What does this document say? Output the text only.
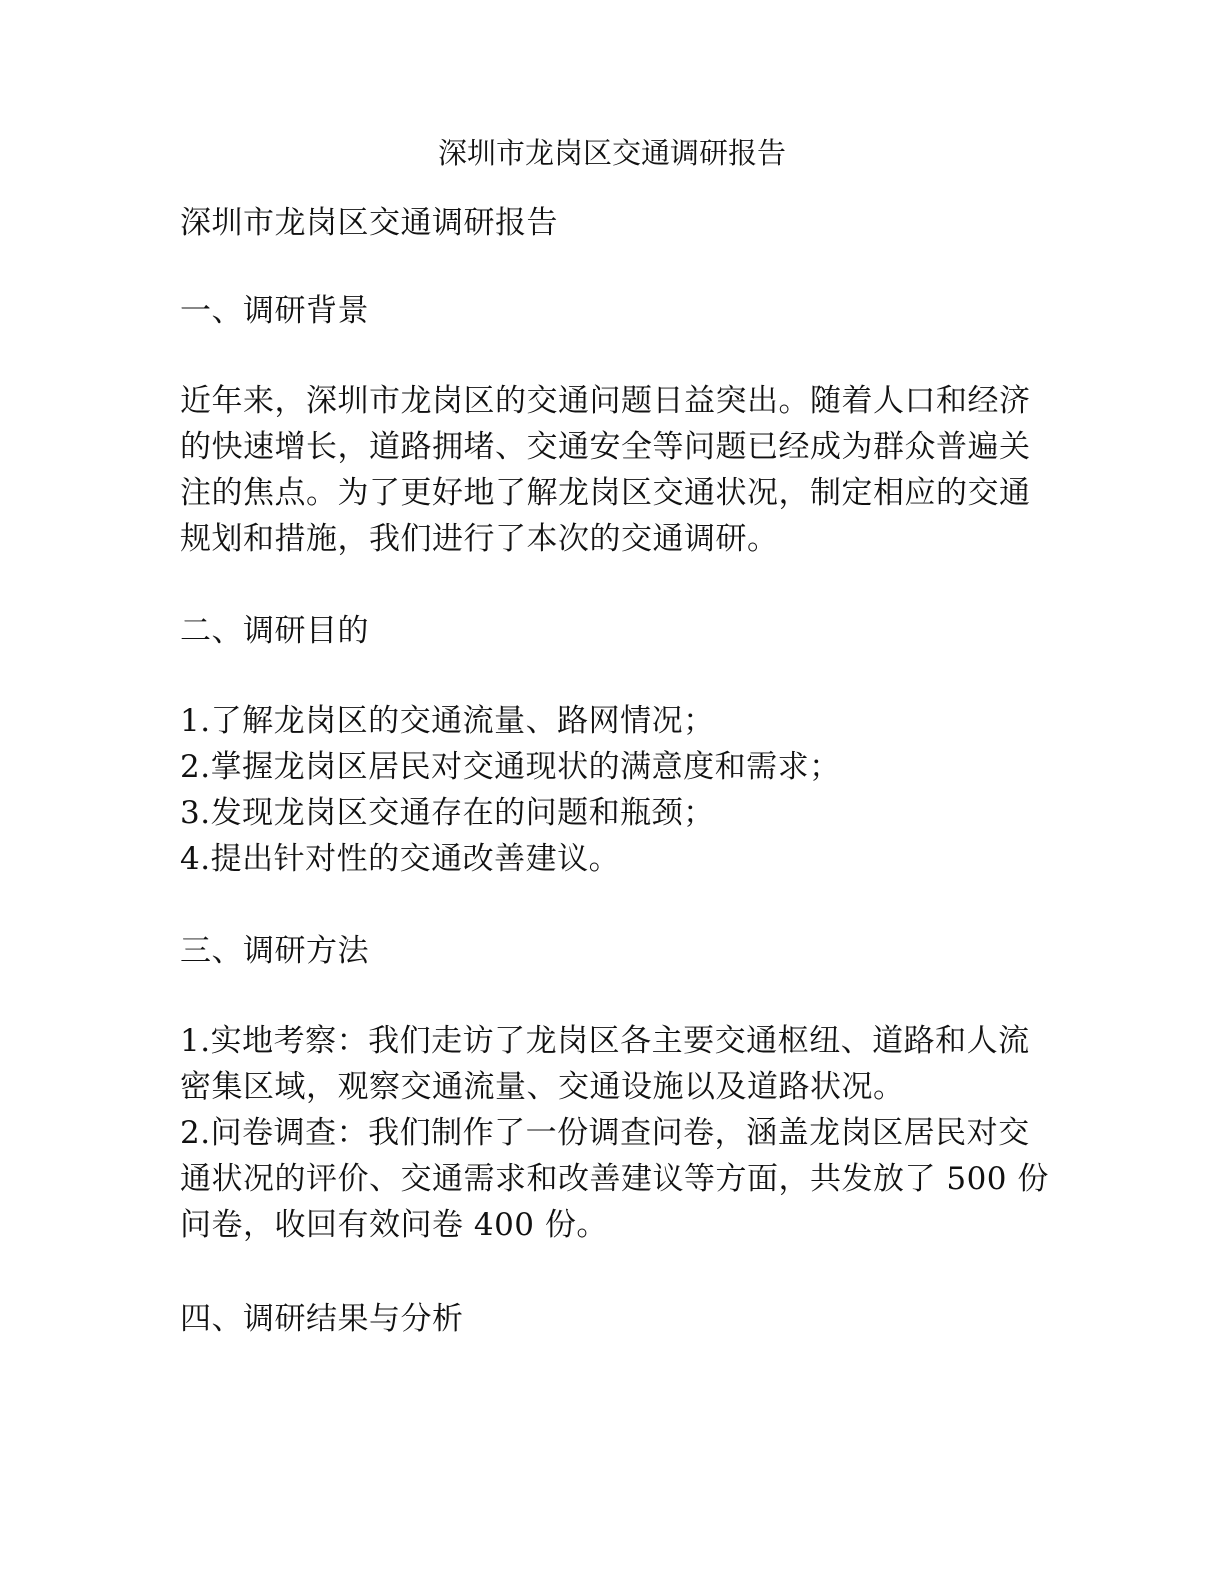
深圳市龙岗区交通调研报告
深圳市龙岗区交通调研报告
一、调研背景
近年来，深圳市龙岗区的交通问题日益突出。随着人口和经济
的快速增长，道路拥堵、交通安全等问题已经成为群众普遍关
注的焦点。为了更好地了解龙岗区交通状况，制定相应的交通
规划和措施，我们进行了本次的交通调研。
二、调研目的
1.了解龙岗区的交通流量、路网情况；
2.掌握龙岗区居民对交通现状的满意度和需求；
3.发现龙岗区交通存在的问题和瓶颈；
4.提出针对性的交通改善建议。
三、调研方法
1.实地考察：我们走访了龙岗区各主要交通枢纽、道路和人流
密集区域，观察交通流量、交通设施以及道路状况。
2.问卷调查：我们制作了一份调查问卷，涵盖龙岗区居民对交
通状况的评价、交通需求和改善建议等方面，共发放了 500 份
问卷，收回有效问卷 400 份。
四、调研结果与分析
